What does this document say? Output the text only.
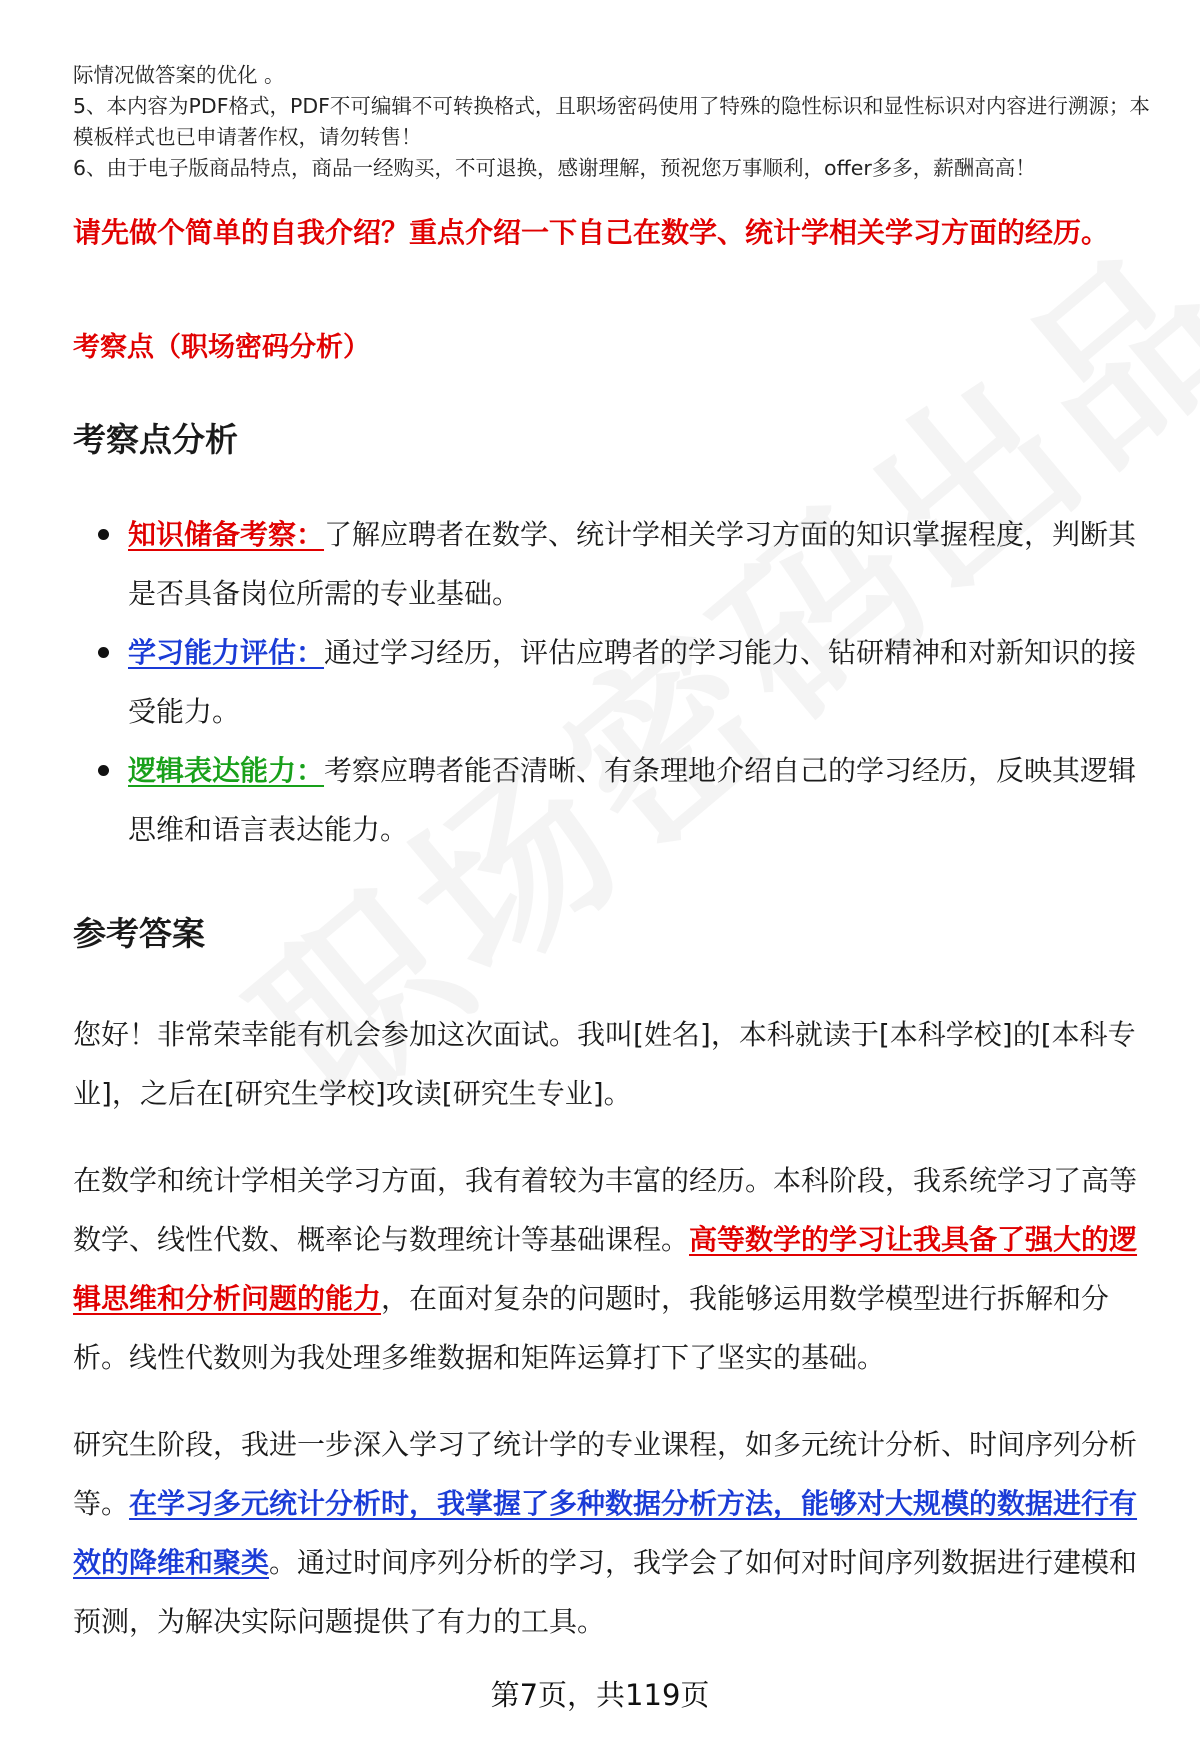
际情况做答案的优化 。

5、本内容为PDF格式，PDF不可编辑不可转换格式，且职场密码使用了特殊的隐性标识和显性标识对内容进行溯源；本模板样式也已申请著作权，请勿转售！

6、由于电子版商品特点，商品一经购买，不可退换，感谢理解，预祝您万事顺利，offer多多，薪酬高高！

请先做个简单的自我介绍？重点介绍一下自己在数学、统计学相关学习方面的经历。
考察点（职场密码分析）
考察点分析
知识储备考察：了解应聘者在数学、统计学相关学习方面的知识掌握程度，判断其是否具备岗位所需的专业基础。
学习能力评估：通过学习经历，评估应聘者的学习能力、钻研精神和对新知识的接受能力。
逻辑表达能力：考察应聘者能否清晰、有条理地介绍自己的学习经历，反映其逻辑思维和语言表达能力。
参考答案

您好！非常荣幸能有机会参加这次面试。我叫[姓名]，本科就读于[本科学校]的[本科专业]，之后在[研究生学校]攻读[研究生专业]。

在数学和统计学相关学习方面，我有着较为丰富的经历。本科阶段，我系统学习了高等数学、线性代数、概率论与数理统计等基础课程。高等数学的学习让我具备了强大的逻辑思维和分析问题的能力，在面对复杂的问题时，我能够运用数学模型进行拆解和分析。线性代数则为我处理多维数据和矩阵运算打下了坚实的基础。

研究生阶段，我进一步深入学习了统计学的专业课程，如多元统计分析、时间序列分析等。在学习多元统计分析时，我掌握了多种数据分析方法，能够对大规模的数据进行有效的降维和聚类。通过时间序列分析的学习，我学会了如何对时间序列数据进行建模和预测，为解决实际问题提供了有力的工具。

第7页，共119页
